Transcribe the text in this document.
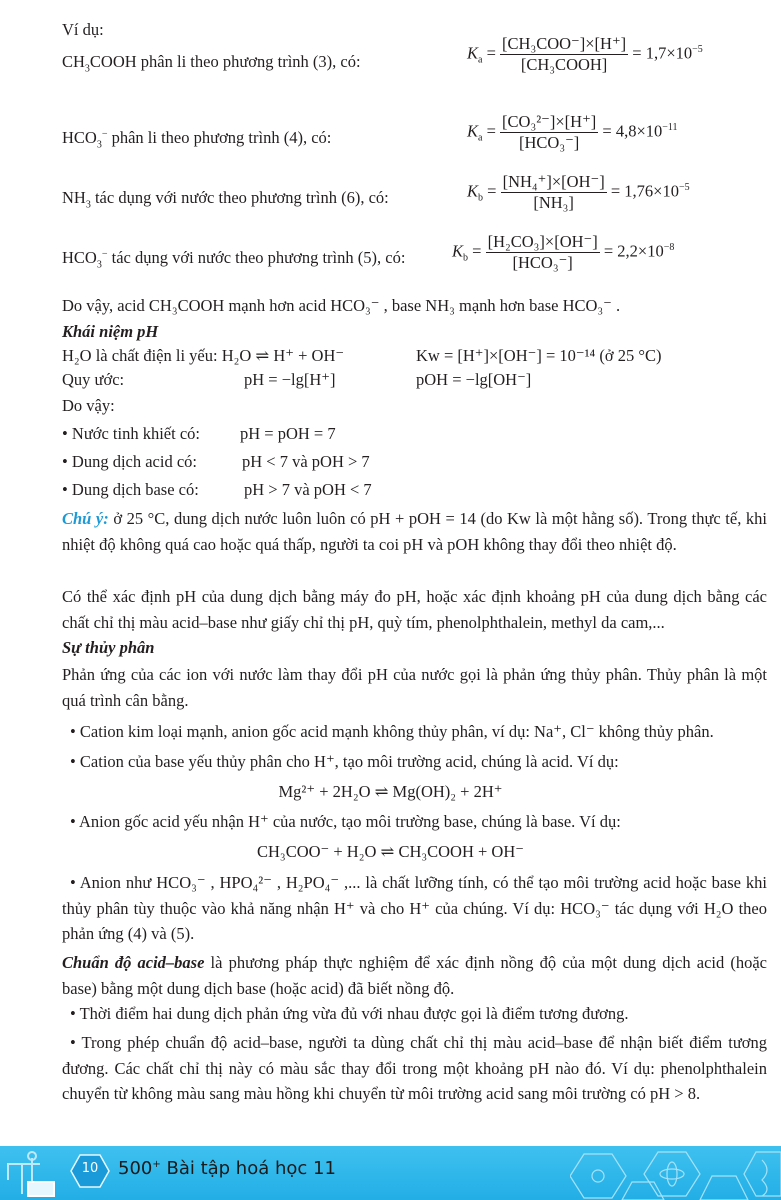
Ví dụ:
$CH_3COOH$ phân li theo phương trình (3), có:	$K_a = \frac{\text{[CH₃COO⁻]×[H⁺]}}{\text{[CH₃COOH]}} = 1,7\times 10^{-5}$
$HCO_3^-$ phân li theo phương trình (4), có:	$K_a = \frac{\text{[CO₃²⁻]×[H⁺]}}{\text{[HCO₃⁻]}} = 4,8\times 10^{-11}$
$NH_3$ tác dụng với nước theo phương trình (6), có:	$K_b = \frac{\text{[NH₄⁺]×[OH⁻]}}{\text{[NH₃]}} = 1,76\times 10^{-5}$
$HCO_3^-$ tác dụng với nước theo phương trình (5), có:	$K_b = \frac{\text{[H₂CO₃]×[OH⁻]}}{\text{[HCO₃⁻]}} = 2,2\times 10^{-8}$
Do vậy, acid CH₃COOH mạnh hơn acid HCO₃⁻ , base NH₃ mạnh hơn base HCO₃⁻ .
Khái niệm pH
H₂O là chất điện li yếu: H₂O ⇌ H⁺ + OH⁻	Kw = [H⁺]×[OH⁻] = 10⁻¹⁴ (ở 25 °C)
Quy ước:	pH = −lg[H⁺]	pOH = −lg[OH⁻]
Do vậy:
• Nước tinh khiết có: pH = pOH = 7
• Dung dịch acid có:	pH < 7 và pOH > 7
• Dung dịch base có:	pH > 7 và pOH < 7
Chú ý: ở 25 °C, dung dịch nước luôn luôn có pH + pOH = 14 (do Kw là một hằng số). Trong thực tế, khi nhiệt độ không quá cao hoặc quá thấp, người ta coi pH và pOH không thay đổi theo nhiệt độ.
Có thể xác định pH của dung dịch bằng máy đo pH, hoặc xác định khoảng pH của dung dịch bằng các chất chỉ thị màu acid–base như giấy chỉ thị pH, quỳ tím, phenolphthalein, methyl da cam,...
Sự thủy phân
Phản ứng của các ion với nước làm thay đổi pH của nước gọi là phản ứng thủy phân. Thủy phân là một quá trình cân bằng.
• Cation kim loại mạnh, anion gốc acid mạnh không thủy phân, ví dụ: Na⁺, Cl⁻ không thủy phân.
• Cation của base yếu thủy phân cho H⁺, tạo môi trường acid, chúng là acid. Ví dụ:
Mg²⁺ + 2H₂O ⇌ Mg(OH)₂ + 2H⁺
• Anion gốc acid yếu nhận H⁺ của nước, tạo môi trường base, chúng là base. Ví dụ:
CH₃COO⁻ + H₂O ⇌ CH₃COOH + OH⁻
• Anion như HCO₃⁻ , HPO₄²⁻ , H₂PO₄⁻ ,... là chất lưỡng tính, có thể tạo môi trường acid hoặc base khi thủy phân tùy thuộc vào khả năng nhận H⁺ và cho H⁺ của chúng. Ví dụ: HCO₃⁻ tác dụng với H₂O theo phản ứng (4) và (5).
Chuẩn độ acid–base là phương pháp thực nghiệm để xác định nồng độ của một dung dịch acid (hoặc base) bằng một dung dịch base (hoặc acid) đã biết nồng độ.
• Thời điểm hai dung dịch phản ứng vừa đủ với nhau được gọi là điểm tương đương.
• Trong phép chuẩn độ acid–base, người ta dùng chất chỉ thị màu acid–base để nhận biết điểm tương đương. Các chất chỉ thị này có màu sắc thay đổi trong một khoảng pH nào đó. Ví dụ: phenolphthalein chuyển từ không màu sang màu hồng khi chuyển từ môi trường acid sang môi trường có pH > 8.
10	500+ Bài tập hoá học 11
